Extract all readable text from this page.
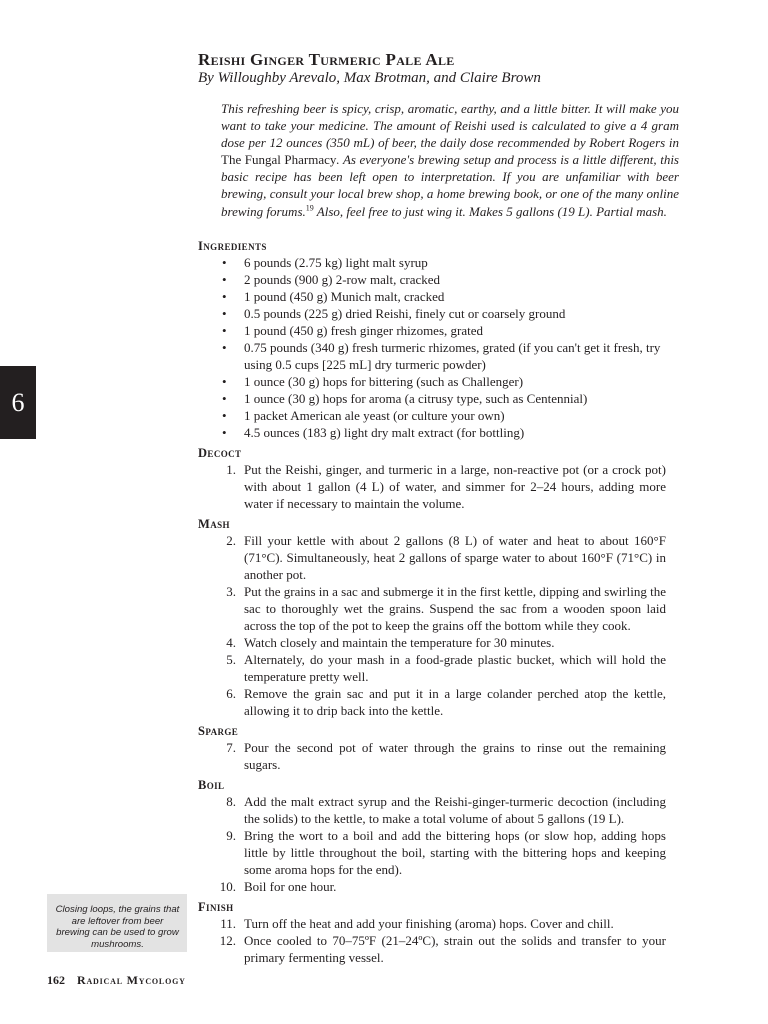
6
Reishi Ginger Turmeric Pale Ale

By Willoughby Arevalo, Max Brotman, and Claire Brown

This refreshing beer is spicy, crisp, aromatic, earthy, and a little bitter. It will make you want to take your medicine. The amount of Reishi used is calculated to give a 4 gram dose per 12 ounces (350 mL) of beer, the daily dose recommended by Robert Rogers in The Fungal Pharmacy. As everyone's brewing setup and process is a little different, this basic recipe has been left open to interpretation. If you are unfamiliar with beer brewing, consult your local brew shop, a home brewing book, or one of the many online brewing forums.$^{19}$ Also, feel free to just wing it. Makes 5 gallons (19 L). Partial mash.

Ingredients
• 6 pounds (2.75 kg) light malt syrup
• 2 pounds (900 g) 2-row malt, cracked
• 1 pound (450 g) Munich malt, cracked
• 0.5 pounds (225 g) dried Reishi, finely cut or coarsely ground
• 1 pound (450 g) fresh ginger rhizomes, grated
• 0.75 pounds (340 g) fresh turmeric rhizomes, grated (if you can't get it fresh, try using 0.5 cups [225 mL] dry turmeric powder)
• 1 ounce (30 g) hops for bittering (such as Challenger)
• 1 ounce (30 g) hops for aroma (a citrusy type, such as Centennial)
• 1 packet American ale yeast (or culture your own)
• 4.5 ounces (183 g) light dry malt extract (for bottling)
Decoct
1. Put the Reishi, ginger, and turmeric in a large, non-reactive pot (or a crock pot) with about 1 gallon (4 L) of water, and simmer for 2–24 hours, adding more water if necessary to maintain the volume.
Mash
2. Fill your kettle with about 2 gallons (8 L) of water and heat to about 160°F (71°C). Simultaneously, heat 2 gallons of sparge water to about 160°F (71°C) in another pot.
3. Put the grains in a sac and submerge it in the first kettle, dipping and swirling the sac to thoroughly wet the grains. Suspend the sac from a wooden spoon laid across the top of the pot to keep the grains off the bottom while they cook.
4. Watch closely and maintain the temperature for 30 minutes.
5. Alternately, do your mash in a food-grade plastic bucket, which will hold the temperature pretty well.
6. Remove the grain sac and put it in a large colander perched atop the kettle, allowing it to drip back into the kettle.
Sparge
7. Pour the second pot of water through the grains to rinse out the remaining sugars.
Boil
8. Add the malt extract syrup and the Reishi-ginger-turmeric decoction (including the solids) to the kettle, to make a total volume of about 5 gallons (19 L).
9. Bring the wort to a boil and add the bittering hops (or slow hop, adding hops little by little throughout the boil, starting with the bittering hops and keeping some aroma hops for the end).
10. Boil for one hour.
Finish
11. Turn off the heat and add your finishing (aroma) hops. Cover and chill.
12. Once cooled to 70–75ºF (21–24ºC), strain out the solids and transfer to your primary fermenting vessel.
Closing loops, the grains that are leftover from beer brewing can be used to grow mushrooms.
162 Radical Mycology
